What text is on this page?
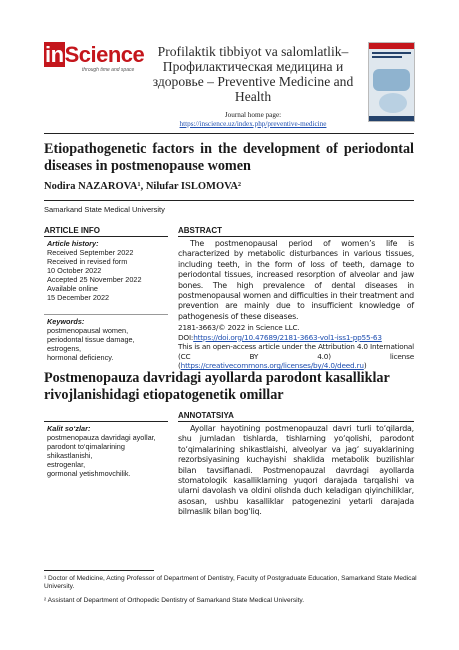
inScience
through time and space
Profilaktik tibbiyot va salomlatlik– Профилактическая медицина и здоровье – Preventive Medicine and Health
Journal home page:
https://inscience.uz/index.php/preventive-medicine
Etiopathogenetic factors in the development of periodontal diseases in postmenopause women
Nodira NAZAROVA¹, Nilufar ISLOMOVA²
Samarkand State Medical University
ARTICLE INFO
Article history:
Received September 2022
Received in revised form
10 October 2022
Accepted 25 November 2022
Available online
15 December 2022
Keywords:
postmenopausal women,
periodontal tissue damage,
estrogens,
hormonal deficiency.
ABSTRACT
The postmenopausal period of women’s life is characterized by metabolic disturbances in various tissues, including teeth, in the form of loss of teeth, damage to periodontal tissues, increased resorption of alveolar and jaw bones. The high prevalence of dental diseases in postmenopausal women and difficulties in their treatment and prevention are mainly due to insufficient knowledge of pathogenesis of these diseases.
2181-3663/© 2022 in Science LLC.
DOI:https://doi.org/10.47689/2181-3663-vol1-iss1-pp55-63
This is an open-access article under the Attribution 4.0 International (CC BY 4.0) license (https://creativecommons.org/licenses/by/4.0/deed.ru)
Postmenopauza davridagi ayollarda parodont kasalliklar rivojlanishidagi etiopatogenetik omillar
ANNOTATSIYA
Kalit so‘zlar:
postmenopauza davridagi ayollar,
parodont to‘qimalarining shikastlanishi,
estrogenlar,
gormonal yetishmovchilik.
Ayollar hayotining postmenopauzal davri turli to‘qilarda, shu jumladan tishlarda, tishlarning yo‘qolishi, parodont to‘qimalarining shikastlaishi, alveolyar va jag‘ suyaklarining rezorbsiyasining kuchayishi shaklida metabolik buzilishlar bilan tavsiflanadi. Postmenopauzal davrdagi ayollarda stomatologik kasalliklarning yuqori darajada tarqalishi va ularni davolash va oldini olishda duch keladigan qiyinchiliklar, asosan, ushbu kasalliklar patogenezini yetarli darajada bilmaslik bilan bog‘liq.
¹ Doctor of Medicine, Acting Professor of Department of Dentistry, Faculty of Postgraduate Education, Samarkand State Medical University.
² Assistant of Department of Orthopedic Dentistry of Samarkand State Medical University.
